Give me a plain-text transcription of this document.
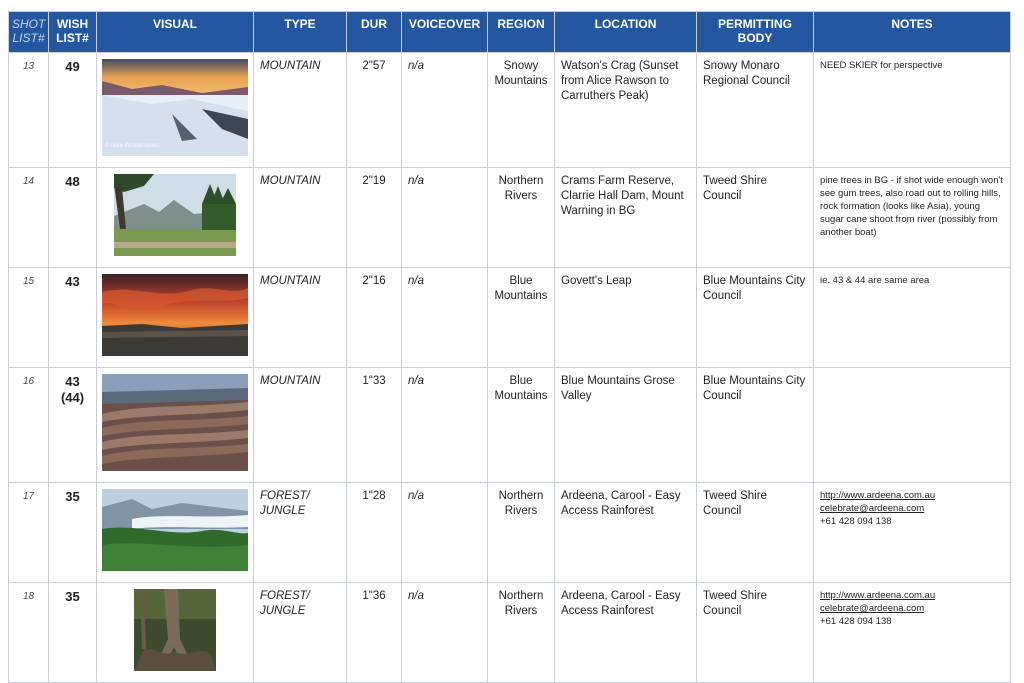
SHOT LIST#	WISH LIST#	VISUAL	TYPE	DUR	VOICEOVER	REGION	LOCATION	PERMITTING BODY	NOTES
13	49	© Nike Winterhaven	MOUNTAIN	2"57	n/a	Snowy Mountains	Watson's Crag (Sunset from Alice Rawson to Carruthers Peak)	Snowy Monaro Regional Council	NEED SKIER for perspective

14	48		MOUNTAIN	2"19	n/a	Northern Rivers	Crams Farm Reserve, Clarrie Hall Dam, Mount Warning in BG	Tweed Shire Council	pine trees in BG - if shot wide enough won't see gum trees, also road out to rolling hills, rock formation (looks like Asia), young sugar cane shoot from river (possibly from another boat)

15	43		MOUNTAIN	2"16	n/a	Blue Mountains	Govett's Leap	Blue Mountains City Council	ie. 43 & 44 are same area

16	43 (44)		MOUNTAIN	1"33	n/a	Blue Mountains	Blue Mountains Grose Valley	Blue Mountains City Council	

17	35		FOREST/ JUNGLE	1"28	n/a	Northern Rivers	Ardeena, Carool - Easy Access Rainforest	Tweed Shire Council	http://www.ardeena.com.au
celebrate@ardeena.com
+61 428 094 138

18	35		FOREST/ JUNGLE	1"36	n/a	Northern Rivers	Ardeena, Carool - Easy Access Rainforest	Tweed Shire Council	http://www.ardeena.com.au
celebrate@ardeena.com
+61 428 094 138
